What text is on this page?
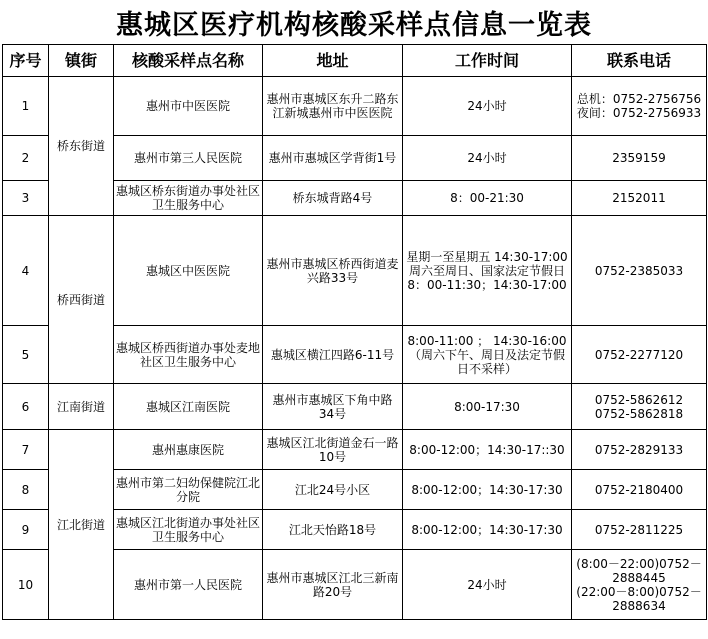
惠城区医疗机构核酸采样点信息一览表
序号	镇街	核酸采样点名称	地址	工作时间	联系电话
1	桥东街道	惠州市中医医院	惠州市惠城区东升二路东江新城惠州市中医医院	24小时	总机：0752-2756756
夜间：0752-2756933

2		惠州市第三人民医院	惠州市惠城区学背街1号	24小时	2359159

3		惠城区桥东街道办事处社区卫生服务中心	桥东城背路4号	8：00-21:30	2152011

4	桥西街道	惠城区中医医院	惠州市惠城区桥西街道麦兴路33号	星期一至星期五 14:30-17:00 周六至周日、国家法定节假日 8：00-11:30；14:30-17:00	0752-2385033

5		惠城区桥西街道办事处麦地社区卫生服务中心	惠城区横江四路6-11号	8:00-11:00 ； 14:30-16:00（周六下午、周日及法定节假日不采样）	0752-2277120

6	江南街道	惠城区江南医院	惠州市惠城区下角中路34号	8:00-17:30	0752-5862612
0752-5862818

7	江北街道	惠州惠康医院	惠城区江北街道金石一路10号	8:00-12:00；14:30-17::30	0752-2829133

8		惠州市第二妇幼保健院江北分院	江北24号小区	8:00-12:00；14:30-17:30	0752-2180400

9		惠城区江北街道办事处社区卫生服务中心	江北天怡路18号	8:00-12:00；14:30-17:30	0752-2811225

10		惠州市第一人民医院	惠州市惠城区江北三新南路20号	24小时	(8:00－22:00)0752－2888445
(22:00－8:00)0752－2888634
